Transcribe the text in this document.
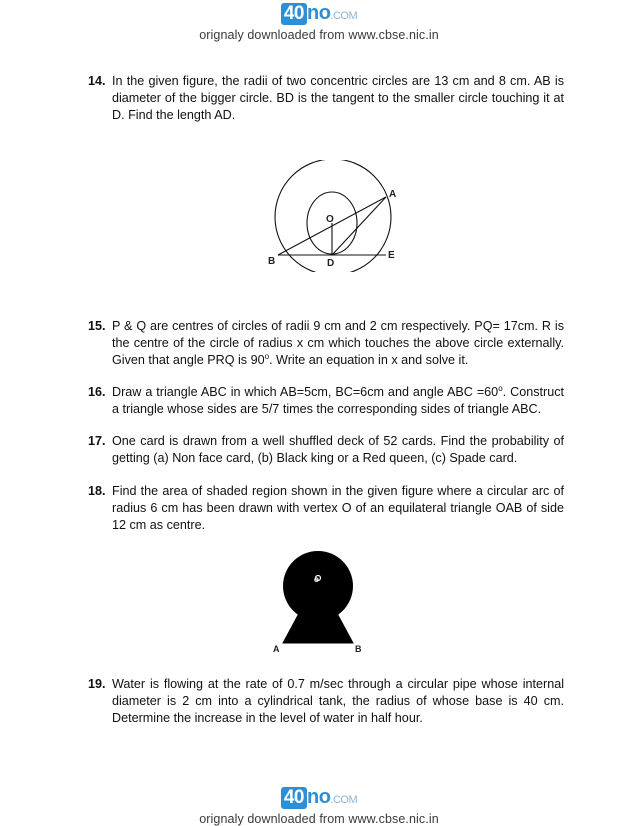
40 no.COM
orignaly downloaded from www.cbse.nic.in
14. In the given figure, the radii of two concentric circles are 13 cm and 8 cm. AB is diameter of the bigger circle. BD is the tangent to the smaller circle touching it at D. Find the length AD.
A
O
B	D
E
15. P & Q are centres of circles of radii 9 cm and 2 cm respectively. PQ= 17cm. R is the centre of the circle of radius x cm which touches the above circle externally. Given that angle PRQ is 90$^o$. Write an equation in x and solve it.
16. Draw a triangle ABC in which AB=5cm, BC=6cm and angle ABC $=60^o$. Construct a triangle whose sides are 5/7 times the corresponding sides of triangle ABC.
17. One card is drawn from a well shuffled deck of 52 cards. Find the probability of getting (a) Non face card, (b) Black king or a Red queen, (c) Spade card.
18. Find the area of shaded region shown in the given figure where a circular arc of radius 6 cm has been drawn with vertex O of an equilateral triangle OAB of side 12 cm as centre.
o
A	B
19. Water is flowing at the rate of 0.7 m/sec through a circular pipe whose internal diameter is 2 cm into a cylindrical tank, the radius of whose base is 40 cm. Determine the increase in the level of water in half hour.
40 no.COM
orignaly downloaded from www.cbse.nic.in
